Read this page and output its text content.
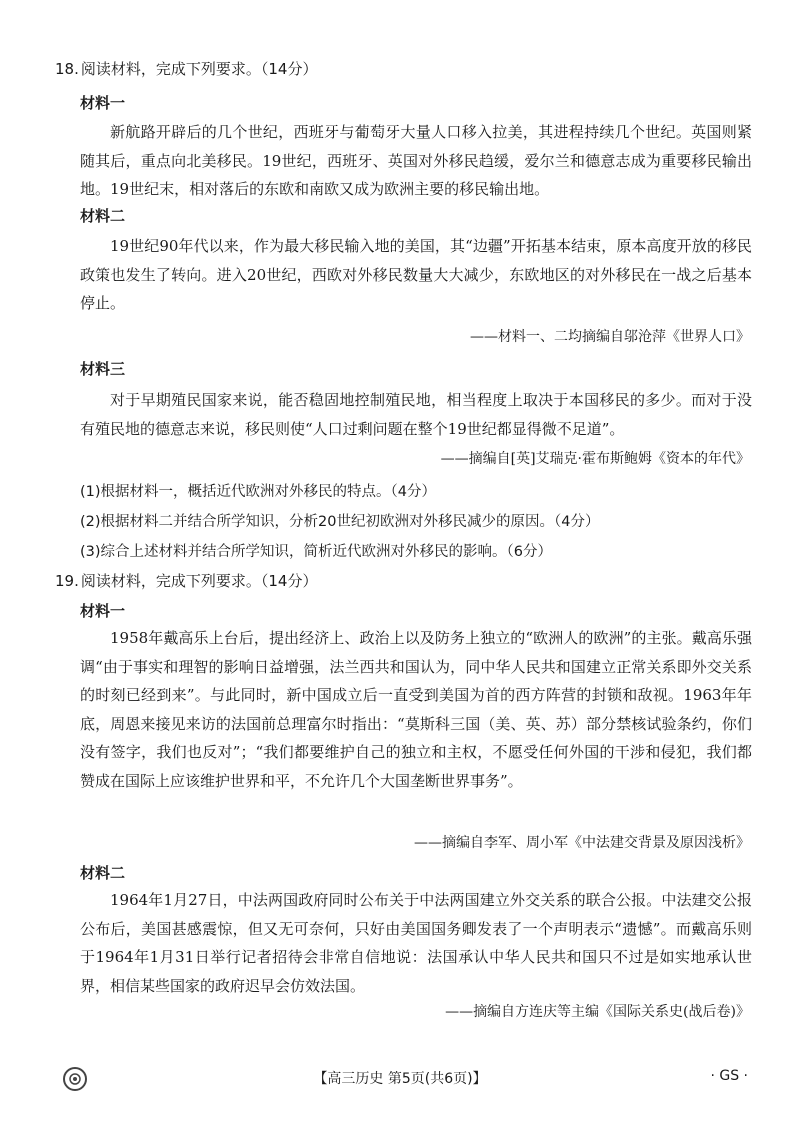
18. 阅读材料，完成下列要求。（14分）
材料一

新航路开辟后的几个世纪，西班牙与葡萄牙大量人口移入拉美，其进程持续几个世纪。英国则紧随其后，重点向北美移民。19世纪，西班牙、英国对外移民趋缓，爱尔兰和德意志成为重要移民输出地。19世纪末，相对落后的东欧和南欧又成为欧洲主要的移民输出地。

材料二

19世纪90年代以来，作为最大移民输入地的美国，其“边疆”开拓基本结束，原本高度开放的移民政策也发生了转向。进入20世纪，西欧对外移民数量大大减少，东欧地区的对外移民在一战之后基本停止。

——材料一、二均摘编自邬沧萍《世界人口》
材料三

对于早期殖民国家来说，能否稳固地控制殖民地，相当程度上取决于本国移民的多少。而对于没有殖民地的德意志来说，移民则使“人口过剩问题在整个19世纪都显得微不足道”。

——摘编自[英]艾瑞克·霍布斯鲍姆《资本的年代》
(1)根据材料一，概括近代欧洲对外移民的特点。（4分）
(2)根据材料二并结合所学知识，分析20世纪初欧洲对外移民减少的原因。（4分）
(3)综合上述材料并结合所学知识，简析近代欧洲对外移民的影响。（6分）
19. 阅读材料，完成下列要求。（14分）
材料一

1958年戴高乐上台后，提出经济上、政治上以及防务上独立的“欧洲人的欧洲”的主张。戴高乐强调“由于事实和理智的影响日益增强，法兰西共和国认为，同中华人民共和国建立正常关系即外交关系的时刻已经到来”。与此同时，新中国成立后一直受到美国为首的西方阵营的封锁和敌视。1963年年底，周恩来接见来访的法国前总理富尔时指出：“莫斯科三国（美、英、苏）部分禁核试验条约，你们没有签字，我们也反对”；“我们都要维护自己的独立和主权，不愿受任何外国的干涉和侵犯，我们都赞成在国际上应该维护世界和平，不允许几个大国垄断世界事务”。

——摘编自李军、周小军《中法建交背景及原因浅析》
材料二

1964年1月27日，中法两国政府同时公布关于中法两国建立外交关系的联合公报。中法建交公报公布后，美国甚感震惊，但又无可奈何，只好由美国国务卿发表了一个声明表示“遗憾”。而戴高乐则于1964年1月31日举行记者招待会非常自信地说：法国承认中华人民共和国只不过是如实地承认世界，相信某些国家的政府迟早会仿效法国。

——摘编自方连庆等主编《国际关系史(战后卷)》
【高三历史 第5页(共6页)】	· GS ·
